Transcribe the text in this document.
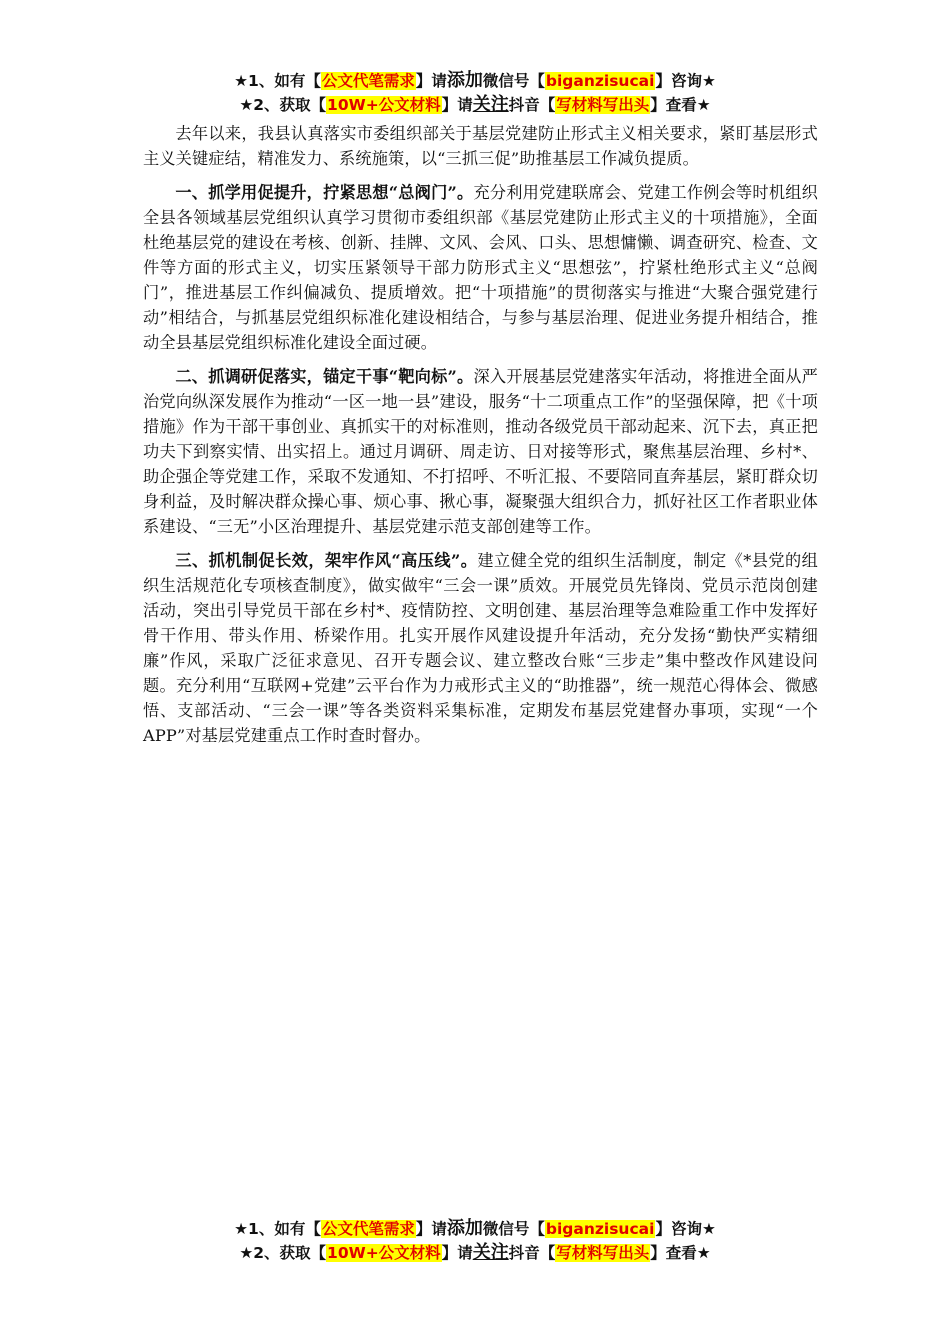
★1、如有【公文代笔需求】请添加微信号【biganzisucai】咨询★
★2、获取【10W+公文材料】请关注抖音【写材料写出头】查看★

去年以来，我县认真落实市委组织部关于基层党建防止形式主义相关要求，紧盯基层形式主义关键症结，精准发力、系统施策，以“三抓三促”助推基层工作减负提质。

一、抓学用促提升，拧紧思想“总阀门”。充分利用党建联席会、党建工作例会等时机组织全县各领域基层党组织认真学习贯彻市委组织部《基层党建防止形式主义的十项措施》，全面杜绝基层党的建设在考核、创新、挂牌、文风、会风、口头、思想慵懒、调查研究、检查、文件等方面的形式主义，切实压紧领导干部力防形式主义“思想弦”，拧紧杜绝形式主义“总阀门”，推进基层工作纠偏减负、提质增效。把“十项措施”的贯彻落实与推进“大聚合强党建行动”相结合，与抓基层党组织标准化建设相结合，与参与基层治理、促进业务提升相结合，推动全县基层党组织标准化建设全面过硬。

二、抓调研促落实，锚定干事“靶向标”。深入开展基层党建落实年活动，将推进全面从严治党向纵深发展作为推动“一区一地一县”建设，服务“十二项重点工作”的坚强保障，把《十项措施》作为干部干事创业、真抓实干的对标准则，推动各级党员干部动起来、沉下去，真正把功夫下到察实情、出实招上。通过月调研、周走访、日对接等形式，聚焦基层治理、乡村*、助企强企等党建工作，采取不发通知、不打招呼、不听汇报、不要陪同直奔基层，紧盯群众切身利益，及时解决群众操心事、烦心事、揪心事，凝聚强大组织合力，抓好社区工作者职业体系建设、“三无”小区治理提升、基层党建示范支部创建等工作。

三、抓机制促长效，架牢作风“高压线”。建立健全党的组织生活制度，制定《*县党的组织生活规范化专项核查制度》，做实做牢“三会一课”质效。开展党员先锋岗、党员示范岗创建活动，突出引导党员干部在乡村*、疫情防控、文明创建、基层治理等急难险重工作中发挥好骨干作用、带头作用、桥梁作用。扎实开展作风建设提升年活动，充分发扬“勤快严实精细廉”作风，采取广泛征求意见、召开专题会议、建立整改台账“三步走”集中整改作风建设问题。充分利用“互联网+党建”云平台作为力戒形式主义的“助推器”，统一规范心得体会、微感悟、支部活动、“三会一课”等各类资料采集标准，定期发布基层党建督办事项，实现“一个APP”对基层党建重点工作时查时督办。

★1、如有【公文代笔需求】请添加微信号【biganzisucai】咨询★
★2、获取【10W+公文材料】请关注抖音【写材料写出头】查看★
